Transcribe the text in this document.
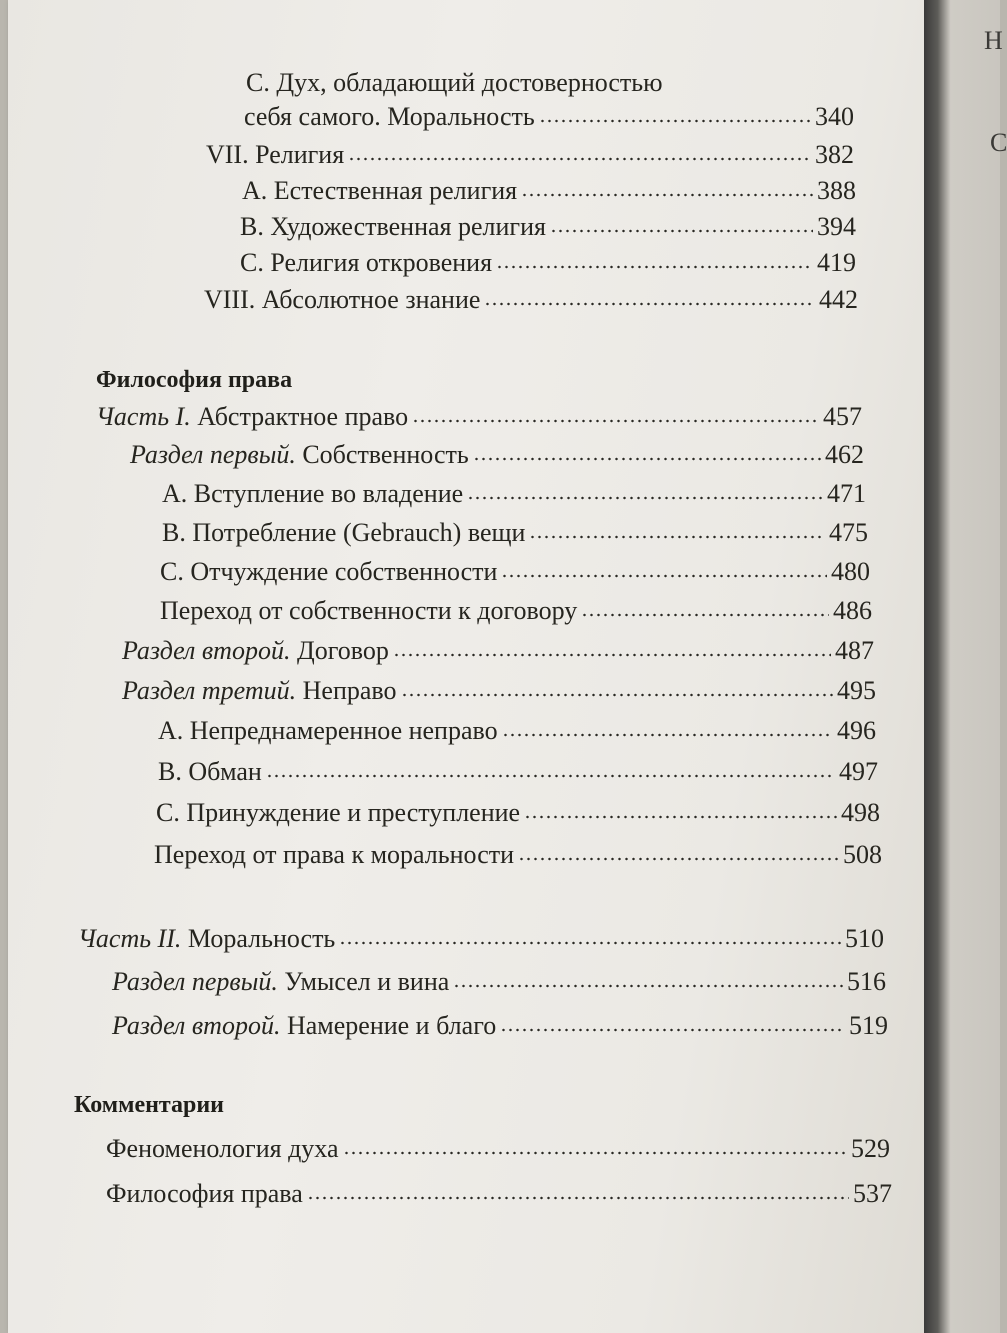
Н
С
C. Дух, обладающий достоверностью
себя самого. Моральность	340
VII. Религия	382
A. Естественная религия	388
B. Художественная религия	394
C. Религия откровения	419
VIII. Абсолютное знание	442
Философия права
Часть I. Абстрактное право	457
Раздел первый. Собственность	462
A. Вступление во владение	471
B. Потребление (Gebrauch) вещи	475
C. Отчуждение собственности	480
Переход от собственности к договору	486
Раздел второй. Договор	487
Раздел третий. Неправо	495
A. Непреднамеренное неправо	496
B. Обман	497
C. Принуждение и преступление	498
Переход от права к моральности	508
Часть II. Моральность	510
Раздел первый. Умысел и вина	516
Раздел второй. Намерение и благо	519
Комментарии
Феноменология духа	529
Философия права	537
